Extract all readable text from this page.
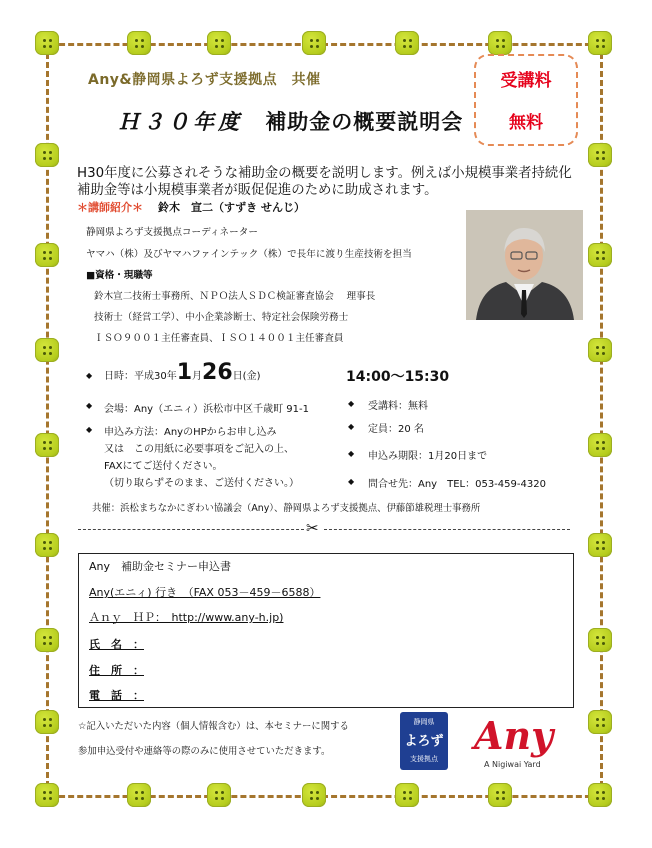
Any&静岡県よろず支援拠点　共催
Ｈ３０年度 補助金の概要説明会
受講料
無料
H30年度に公募されそうな補助金の概要を説明します。例えば小規模事業者持続化補助金等は小規模事業者が販促促進のために助成されます。
＊講師紹介＊ 鈴木　宣二（すずき せんじ）
静岡県よろず支援拠点コーディネーター
ヤマハ（株）及びヤマハファインテック（株）で長年に渡り生産技術を担当
■資格・現職等
鈴木宣二技術士事務所、ＮＰＯ法人ＳＤＣ検証審査協会　 理事長
技術士（経営工学）、中小企業診断士、特定社会保険労務士
ＩＳＯ９００１主任審査員、ＩＳＯ１４００１主任審査員
◆ 日時：平成30年1月26日(金)	14:00～15:30
◆ 会場：Any（エニィ）浜松市中区千歳町 91-1
◆ 申込み方法：AnyのHPからお申し込み
又は　この用紙に必要事項をご記入の上、
FAXにてご送付ください。
（切り取らずそのまま、ご送付ください。）
◆ 受講料：無料
◆ 定員：20 名
◆ 申込み期限：1月20日まで
◆ 問合せ先：Any　TEL：053-459-4320
共催：浜松まちなかにぎわい協議会（Any）、静岡県よろず支援拠点、伊藤節雄税理士事務所
✂
Any　補助金セミナー申込書
Any(エニィ) 行き　（FAX 053－459－6588）
Ａｎｙ　ＨＰ：　http://www.any-h.jp)
氏　名　：
住　所　：
電　話　：
☆記入いただいた内容（個人情報含む）は、本セミナーに関する
参加申込受付や連絡等の際のみに使用させていただきます。
静岡県
よろず
支援拠点
Any
A Nigiwai Yard
